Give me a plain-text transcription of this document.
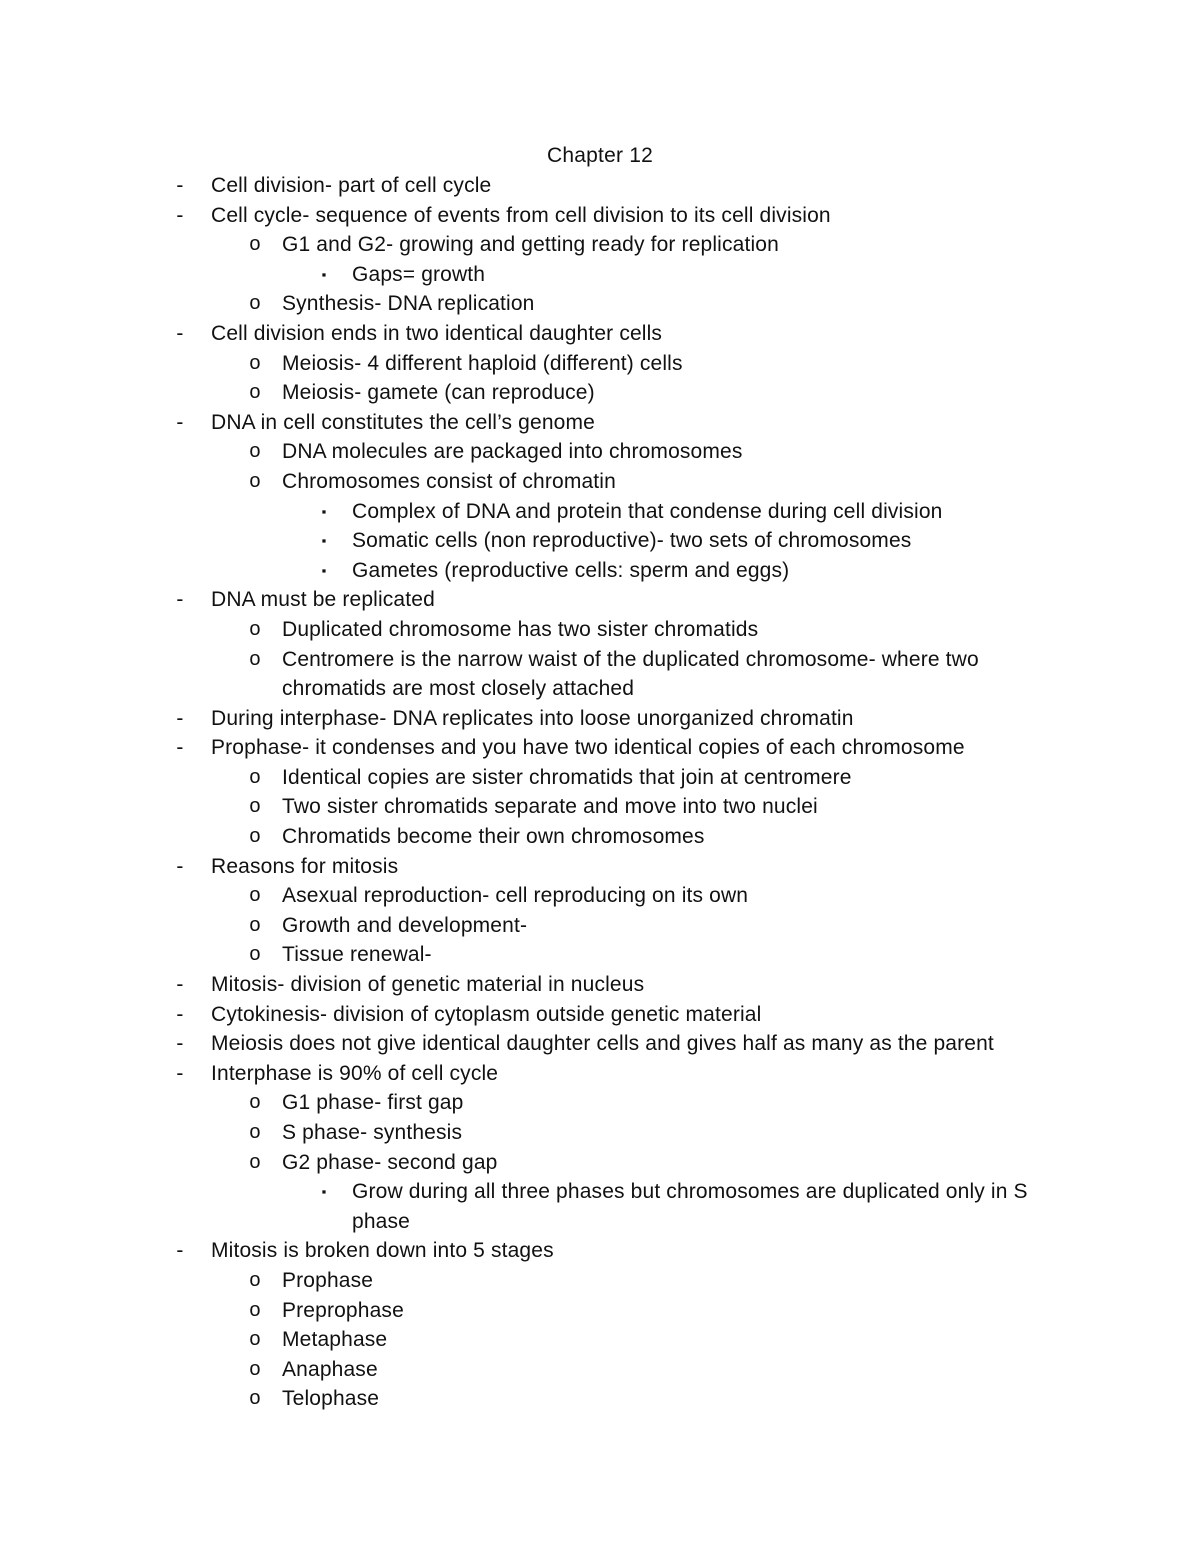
Chapter 12
-	Cell division- part of cell cycle
-	Cell cycle- sequence of events from cell division to its cell division
o G1 and G2- growing and getting ready for replication
▪	Gaps= growth
o Synthesis- DNA replication
-	Cell division ends in two identical daughter cells
o Meiosis- 4 different haploid (different) cells
o Meiosis- gamete (can reproduce)
-	DNA in cell constitutes the cell’s genome
o DNA molecules are packaged into chromosomes
o Chromosomes consist of chromatin
▪	Complex of DNA and protein that condense during cell division
▪	Somatic cells (non reproductive)- two sets of chromosomes
▪	Gametes (reproductive cells: sperm and eggs)
-	DNA must be replicated
o Duplicated chromosome has two sister chromatids
o Centromere is the narrow waist of the duplicated chromosome- where two chromatids are most closely attached
-	During interphase- DNA replicates into loose unorganized chromatin
-	Prophase- it condenses and you have two identical copies of each chromosome
o Identical copies are sister chromatids that join at centromere
o Two sister chromatids separate and move into two nuclei
o Chromatids become their own chromosomes
-	Reasons for mitosis
o Asexual reproduction- cell reproducing on its own
o Growth and development-
o Tissue renewal-
-	Mitosis- division of genetic material in nucleus
-	Cytokinesis- division of cytoplasm outside genetic material
-	Meiosis does not give identical daughter cells and gives half as many as the parent
-	Interphase is 90% of cell cycle
o G1 phase- first gap
o S phase- synthesis
o G2 phase- second gap
▪	Grow during all three phases but chromosomes are duplicated only in S phase
-	Mitosis is broken down into 5 stages
o Prophase
o Preprophase
o Metaphase
o Anaphase
o Telophase
